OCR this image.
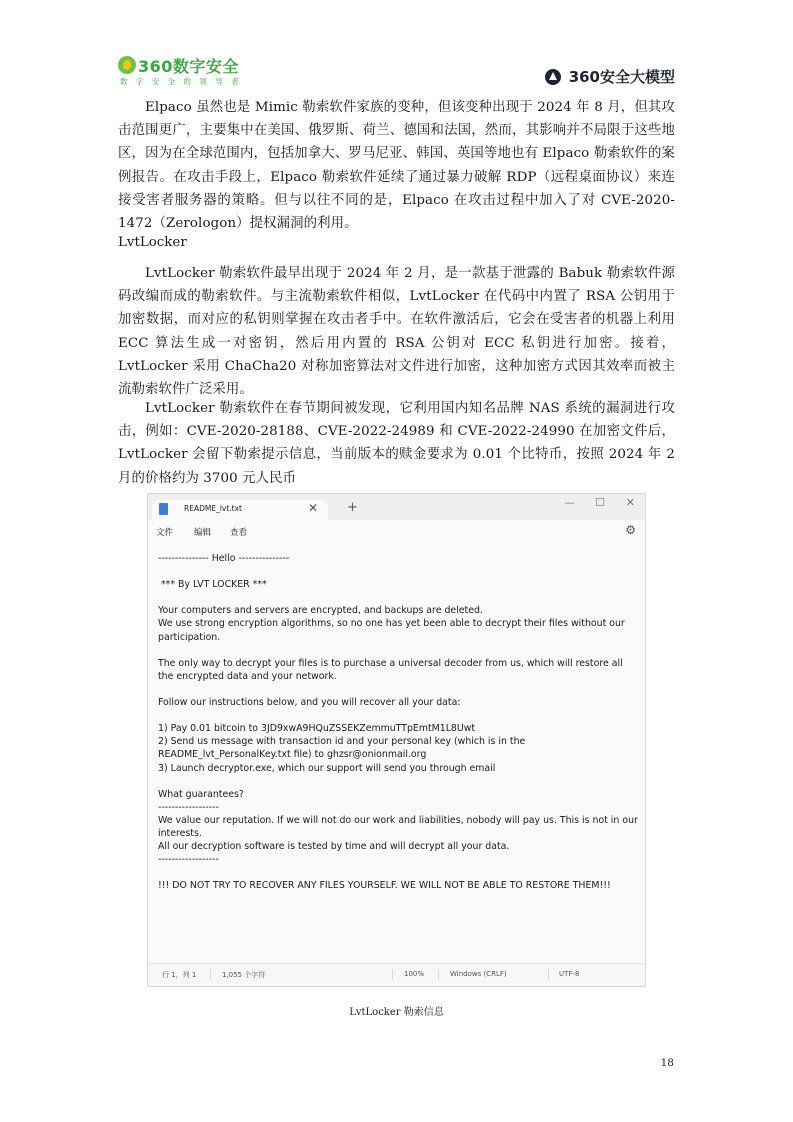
360数字安全
数 字 安 全 的 领 导 者	360安全大模型

Elpaco 虽然也是 Mimic 勒索软件家族的变种，但该变种出现于 2024 年 8 月，但其攻击范围更广，主要集中在美国、俄罗斯、荷兰、德国和法国，然而，其影响并不局限于这些地区，因为在全球范围内，包括加拿大、罗马尼亚、韩国、英国等地也有 Elpaco 勒索软件的案例报告。在攻击手段上，Elpaco 勒索软件延续了通过暴力破解 RDP（远程桌面协议）来连接受害者服务器的策略。但与以往不同的是，Elpaco 在攻击过程中加入了对 CVE-2020-1472（Zerologon）提权漏洞的利用。

LvtLocker

LvtLocker 勒索软件最早出现于 2024 年 2 月，是一款基于泄露的 Babuk 勒索软件源码改编而成的勒索软件。与主流勒索软件相似，LvtLocker 在代码中内置了 RSA 公钥用于加密数据，而对应的私钥则掌握在攻击者手中。在软件激活后，它会在受害者的机器上利用 ECC 算法生成一对密钥，然后用内置的 RSA 公钥对 ECC 私钥进行加密。接着，LvtLocker 采用 ChaCha20 对称加密算法对文件进行加密，这种加密方式因其效率而被主流勒索软件广泛采用。

LvtLocker 勒索软件在春节期间被发现，它利用国内知名品牌 NAS 系统的漏洞进行攻击，例如：CVE-2020-28188、CVE-2022-24989 和 CVE-2022-24990 在加密文件后，LvtLocker 会留下勒索提示信息，当前版本的赎金要求为 0.01 个比特币，按照 2024 年 2 月的价格约为 3700 元人民币

README_lvt.txt	✕ +	— ☐ ✕
文件 编辑 查看	⚙
--------------- Hello ---------------

*** By LVT LOCKER ***

Your computers and servers are encrypted, and backups are deleted.
We use strong encryption algorithms, so no one has yet been able to decrypt their files without our participation.

The only way to decrypt your files is to purchase a universal decoder from us, which will restore all the encrypted data and your network.

Follow our instructions below, and you will recover all your data:

1) Pay 0.01 bitcoin to 3JD9xwA9HQuZSSEKZemmuTTpEmtM1L8Uwt
2) Send us message with transaction id and your personal key (which is in the README_lvt_PersonalKey.txt file) to ghzsr@onionmail.org
3) Launch decryptor.exe, which our support will send you through email

What guarantees?
------------------
We value our reputation. If we will not do our work and liabilities, nobody will pay us. This is not in our interests.
All our decryption software is tested by time and will decrypt all your data.
------------------

!!! DO NOT TRY TO RECOVER ANY FILES YOURSELF. WE WILL NOT BE ABLE TO RESTORE THEM!!!
行 1，列 1	1,055 个字符	100%	Windows (CRLF)	UTF-8

LvtLocker 勒索信息

18
